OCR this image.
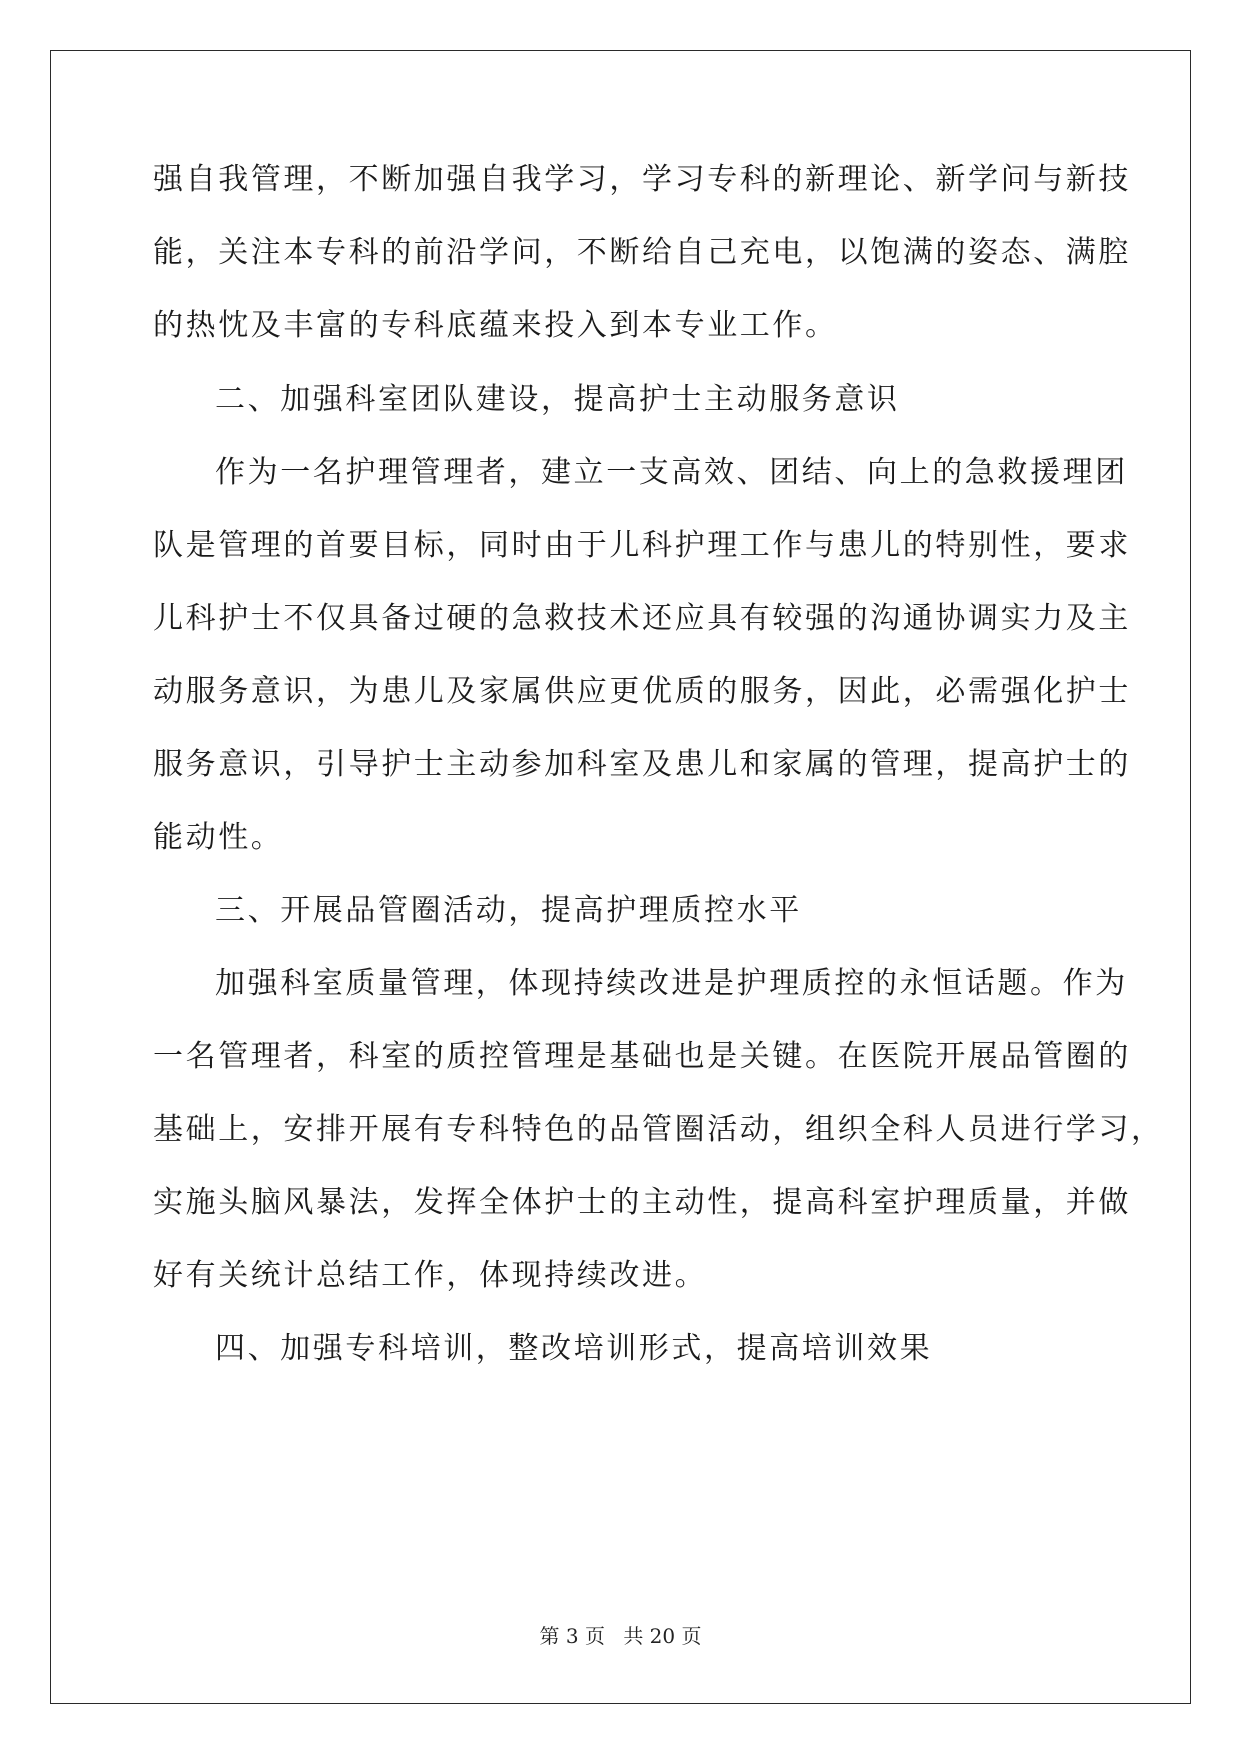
强自我管理，不断加强自我学习，学习专科的新理论、新学问与新技
能，关注本专科的前沿学问，不断给自己充电，以饱满的姿态、满腔
的热忱及丰富的专科底蕴来投入到本专业工作。
二、加强科室团队建设，提高护士主动服务意识
作为一名护理管理者，建立一支高效、团结、向上的急救援理团
队是管理的首要目标，同时由于儿科护理工作与患儿的特别性，要求
儿科护士不仅具备过硬的急救技术还应具有较强的沟通协调实力及主
动服务意识，为患儿及家属供应更优质的服务，因此，必需强化护士
服务意识，引导护士主动参加科室及患儿和家属的管理，提高护士的
能动性。
三、开展品管圈活动，提高护理质控水平
加强科室质量管理，体现持续改进是护理质控的永恒话题。作为
一名管理者，科室的质控管理是基础也是关键。在医院开展品管圈的
基础上，安排开展有专科特色的品管圈活动，组织全科人员进行学习，
实施头脑风暴法，发挥全体护士的主动性，提高科室护理质量，并做
好有关统计总结工作，体现持续改进。
四、加强专科培训，整改培训形式，提高培训效果
第 3 页 共 20 页
